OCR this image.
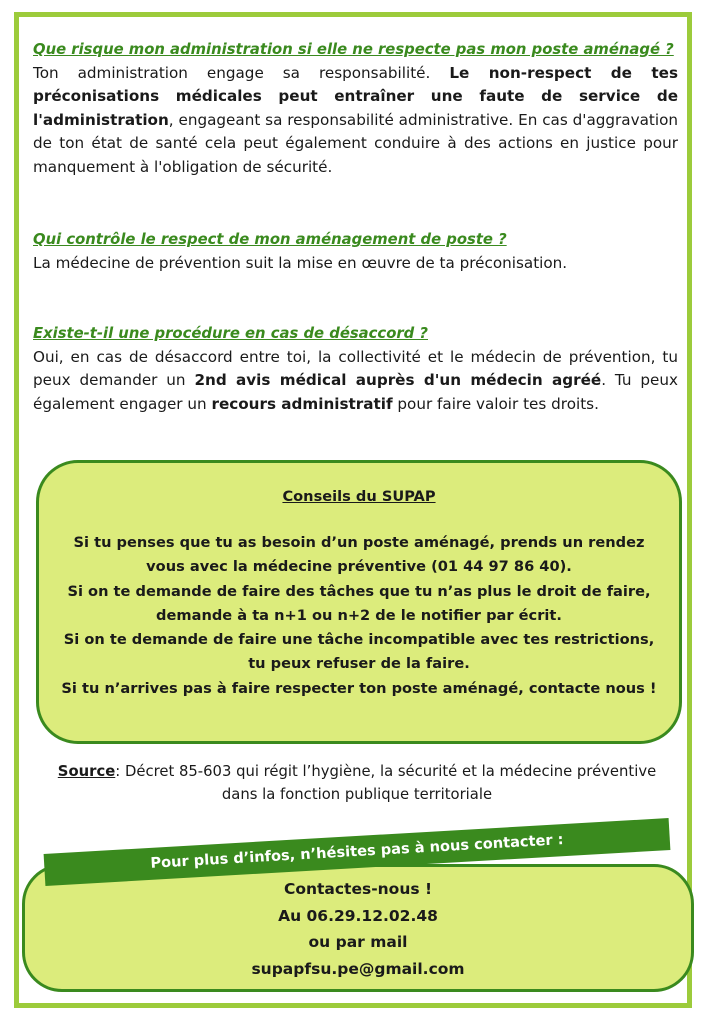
Que risque mon administration si elle ne respecte pas mon poste aménagé ?
Ton administration engage sa responsabilité. Le non-respect de tes préconisations médicales peut entraîner une faute de service de l'administration, engageant sa responsabilité administrative. En cas d'aggravation de ton état de santé cela peut également conduire à des actions en justice pour manquement à l'obligation de sécurité.
Qui contrôle le respect de mon aménagement de poste ?
La médecine de prévention suit la mise en œuvre de ta préconisation.
Existe-t-il une procédure en cas de désaccord ?
Oui, en cas de désaccord entre toi, la collectivité et le médecin de prévention, tu peux demander un 2nd avis médical auprès d'un médecin agréé. Tu peux également engager un recours administratif pour faire valoir tes droits.
Conseils du SUPAP
Si tu penses que tu as besoin d’un poste aménagé, prends un rendez
vous avec la médecine préventive (01 44 97 86 40).
Si on te demande de faire des tâches que tu n’as plus le droit de faire,
demande à ta n+1 ou n+2 de le notifier par écrit.
Si on te demande de faire une tâche incompatible avec tes restrictions,
tu peux refuser de la faire.
Si tu n’arrives pas à faire respecter ton poste aménagé, contacte nous !
Source: Décret 85-603 qui régit l’hygiène, la sécurité et la médecine préventive
dans la fonction publique territoriale
Contactes-nous !
Au 06.29.12.02.48
ou par mail
supapfsu.pe@gmail.com
Pour plus d’infos, n’hésites pas à nous contacter :
